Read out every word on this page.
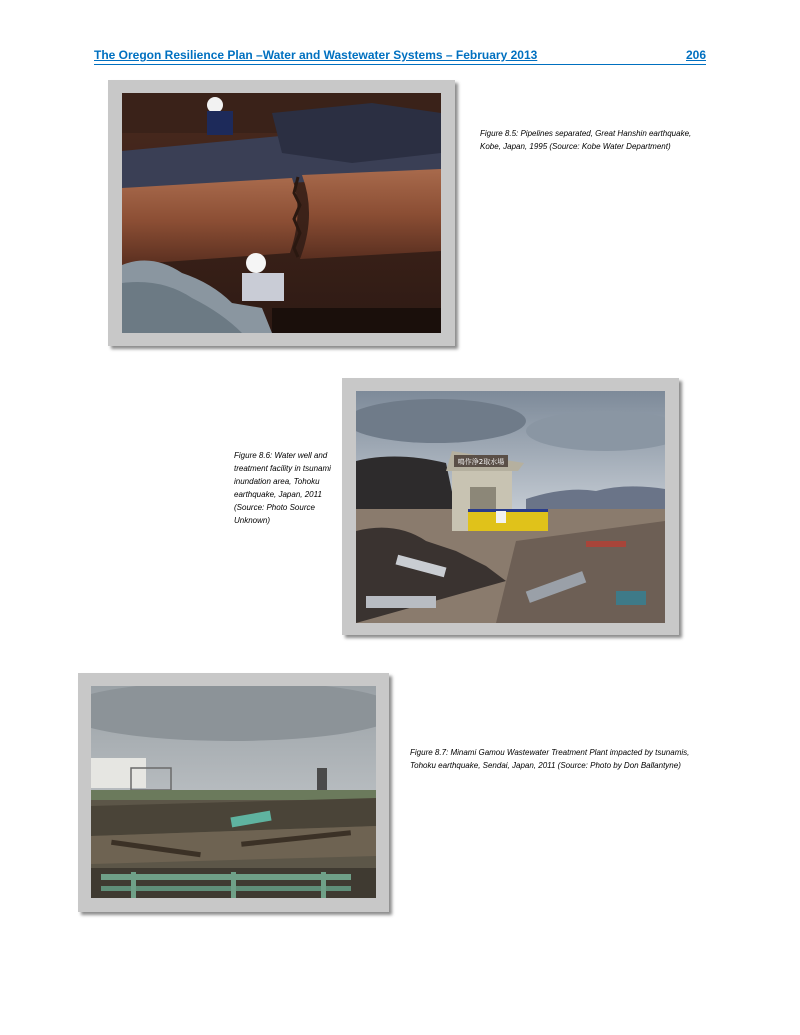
The Oregon Resilience Plan –Water and Wastewater Systems – February 2013	206
Figure 8.5: Pipelines separated, Great Hanshin earthquake, Kobe, Japan, 1995 (Source: Kobe Water Department)
Figure 8.6: Water well and treatment facility in tsunami inundation area, Tohoku earthquake, Japan, 2011 (Source: Photo Source Unknown)
鳴作浄2取水場
Figure 8.7: Minami Gamou Wastewater Treatment Plant impacted by tsunamis, Tohoku earthquake, Sendai, Japan, 2011 (Source: Photo by Don Ballantyne)
